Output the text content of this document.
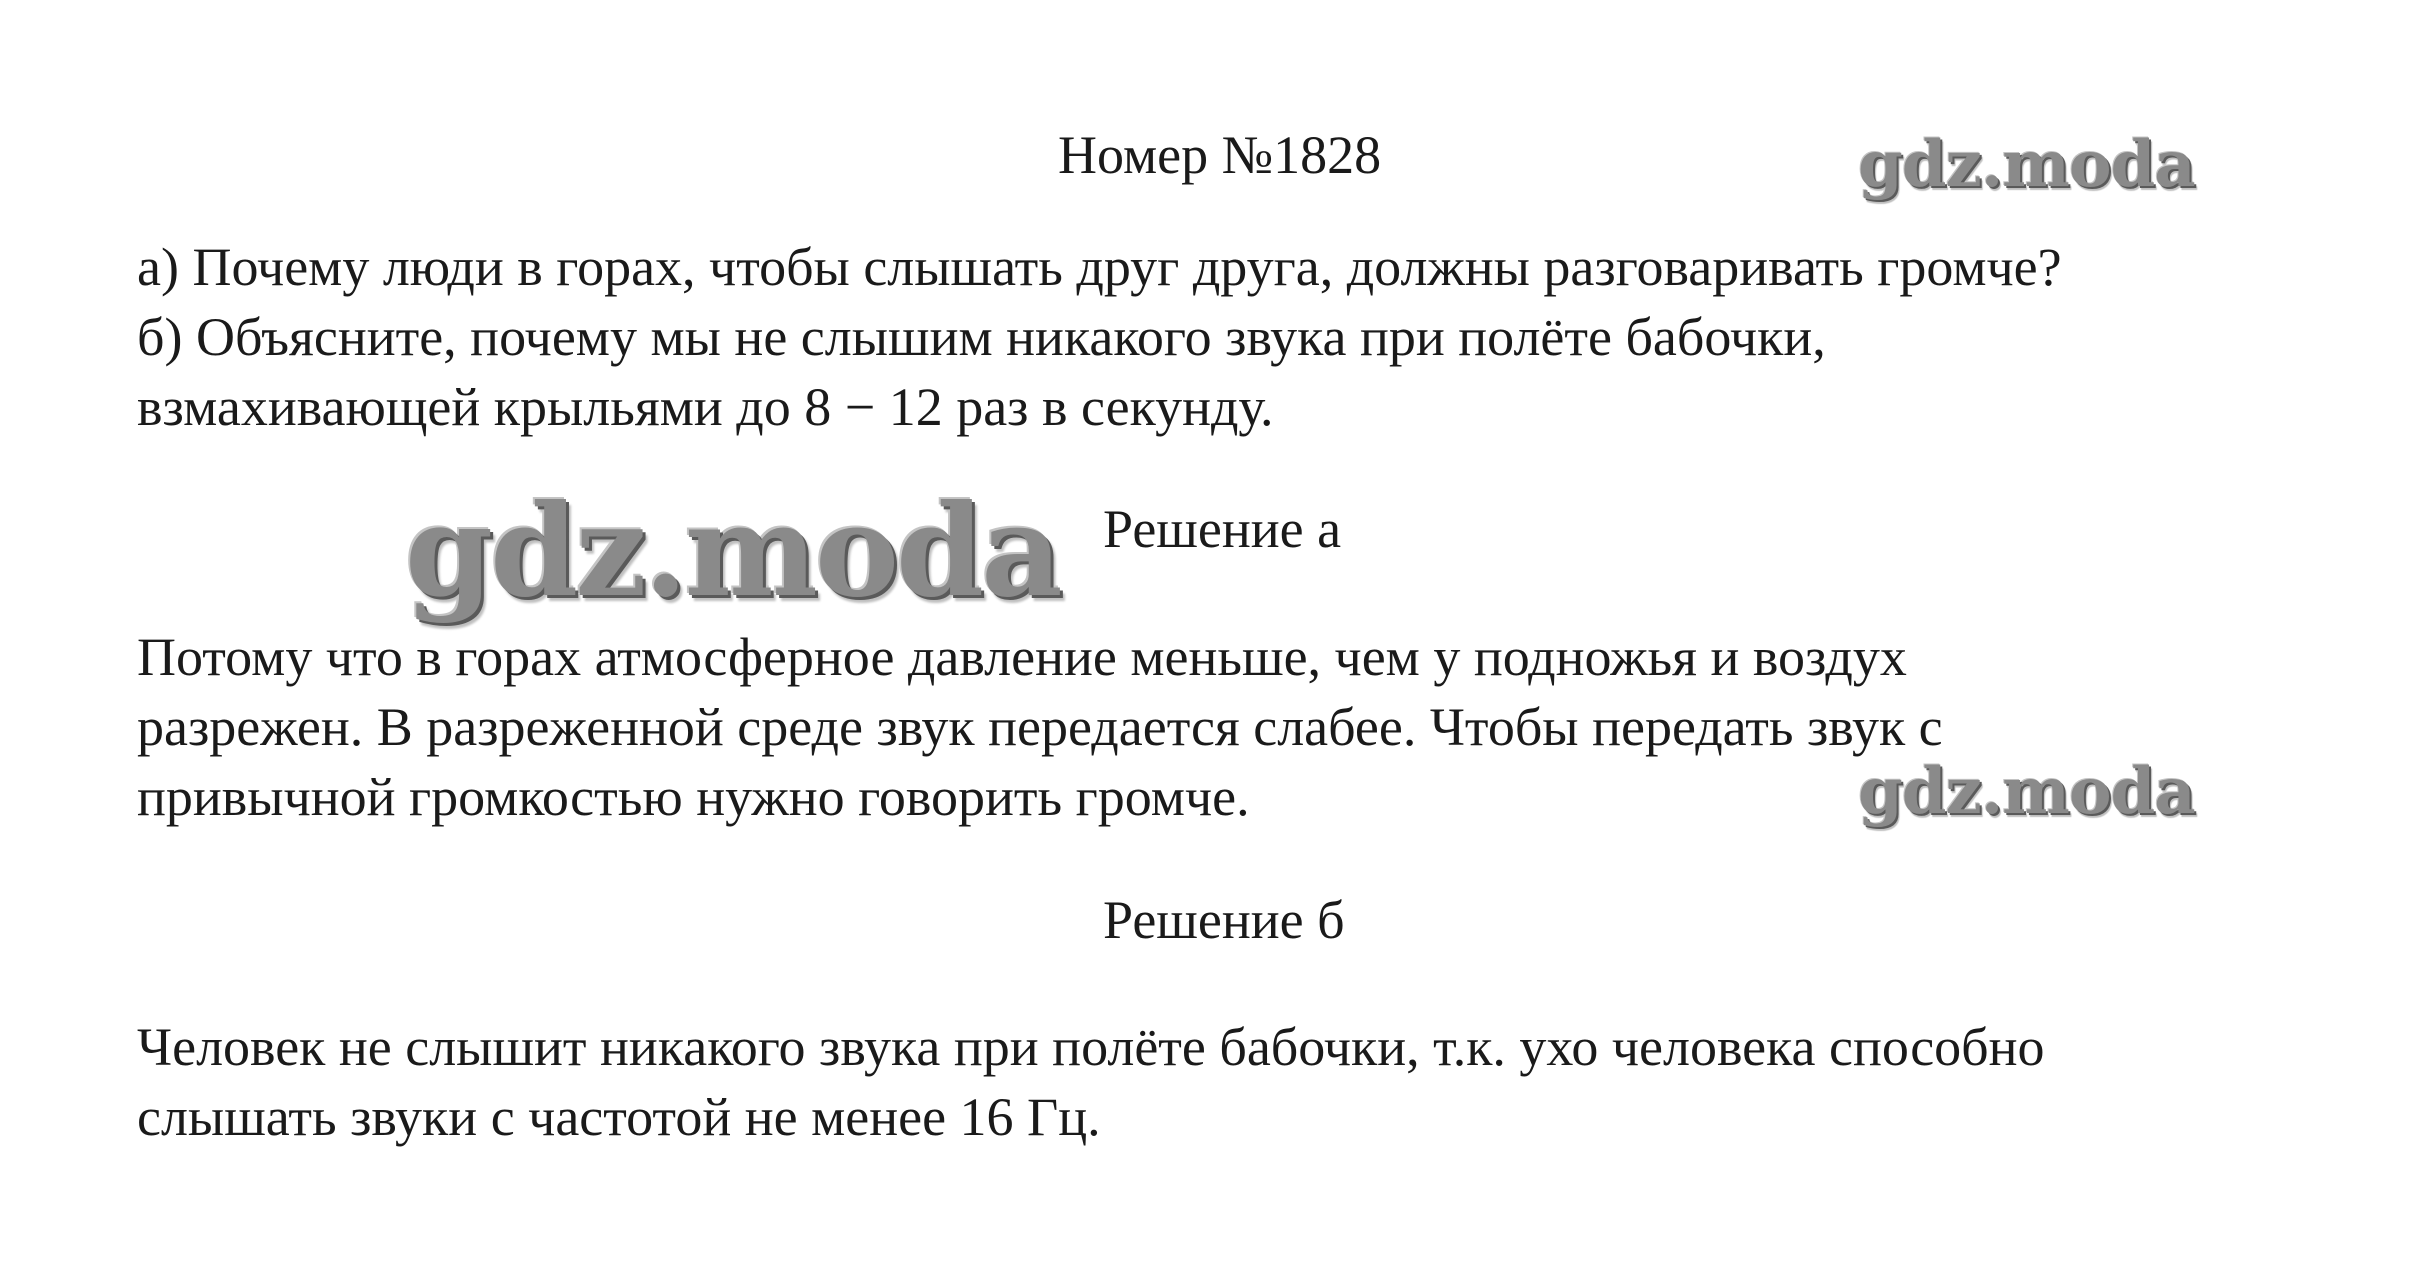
Номер №1828	gdz.moda
а) Почему люди в горах, чтобы слышать друг друга, должны разговаривать громче?
б) Объясните, почему мы не слышим никакого звука при полёте бабочки,
взмахивающей крыльями до 8 − 12 раз в секунду.
gdz.moda Решение а
Потому что в горах атмосферное давление меньше, чем у подножья и воздух
разрежен. В разреженной среде звук передается слабее. Чтобы передать звук с
привычной громкостью нужно говорить громче.	gdz.moda
Решение б
Человек не слышит никакого звука при полёте бабочки, т.к. ухо человека способно
слышать звуки с частотой не менее 16 Гц.
